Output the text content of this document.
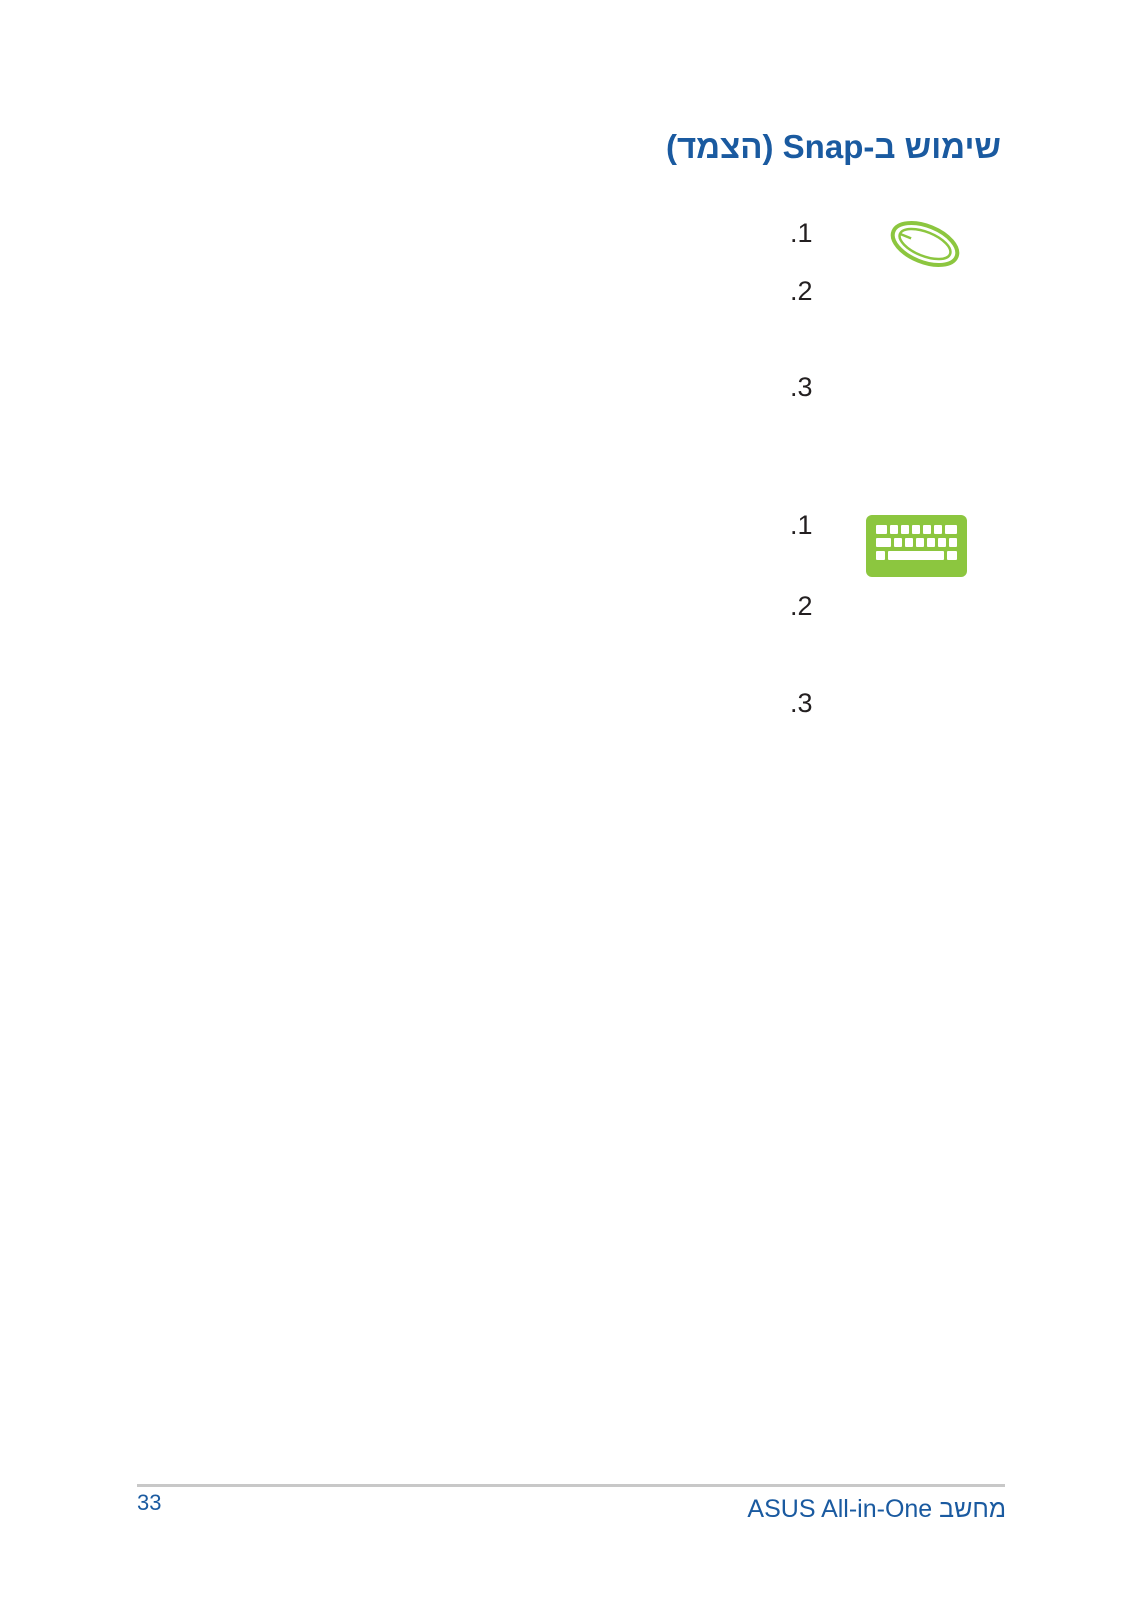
שימוש ב-Snap (הצמד)
.1
.2
.3
.1
.2
.3
33	מחשב ASUS All-in-One
